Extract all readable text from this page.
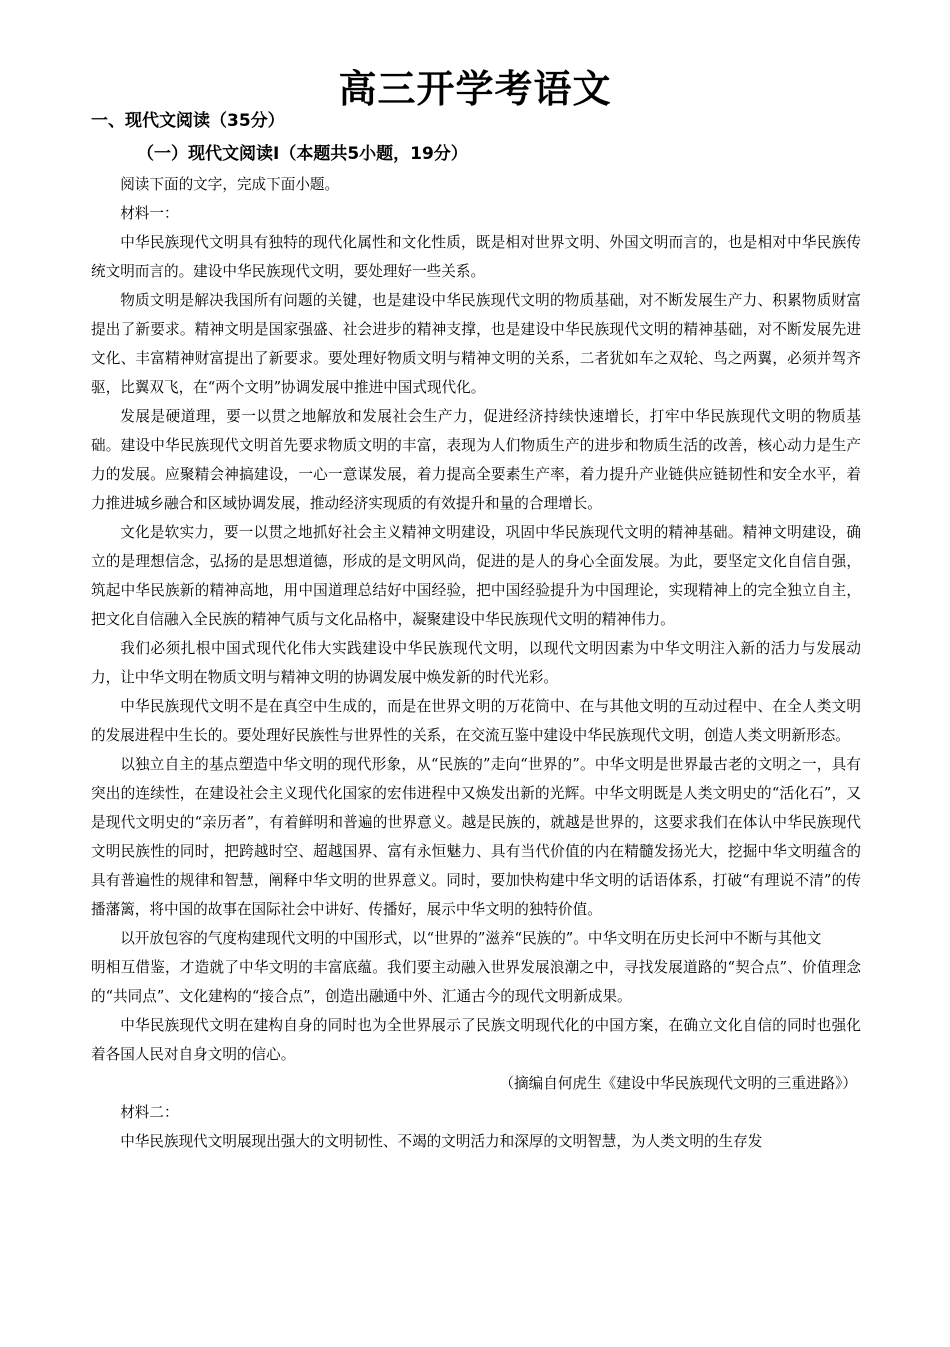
高三开学考语文
一、现代文阅读（35分）
（一）现代文阅读Ⅰ（本题共5小题，19分）

阅读下面的文字，完成下面小题。

材料一：

中华民族现代文明具有独特的现代化属性和文化性质，既是相对世界文明、外国文明而言的，也是相对中华民族传统文明而言的。建设中华民族现代文明，要处理好一些关系。

物质文明是解决我国所有问题的关键，也是建设中华民族现代文明的物质基础，对不断发展生产力、积累物质财富提出了新要求。精神文明是国家强盛、社会进步的精神支撑，也是建设中华民族现代文明的精神基础，对不断发展先进文化、丰富精神财富提出了新要求。要处理好物质文明与精神文明的关系，二者犹如车之双轮、鸟之两翼，必须并驾齐驱，比翼双飞，在“两个文明”协调发展中推进中国式现代化。

发展是硬道理，要一以贯之地解放和发展社会生产力，促进经济持续快速增长，打牢中华民族现代文明的物质基础。建设中华民族现代文明首先要求物质文明的丰富，表现为人们物质生产的进步和物质生活的改善，核心动力是生产力的发展。应聚精会神搞建设，一心一意谋发展，着力提高全要素生产率，着力提升产业链供应链韧性和安全水平，着力推进城乡融合和区域协调发展，推动经济实现质的有效提升和量的合理增长。

文化是软实力，要一以贯之地抓好社会主义精神文明建设，巩固中华民族现代文明的精神基础。精神文明建设，确立的是理想信念，弘扬的是思想道德，形成的是文明风尚，促进的是人的身心全面发展。为此，要坚定文化自信自强，筑起中华民族新的精神高地，用中国道理总结好中国经验，把中国经验提升为中国理论，实现精神上的完全独立自主，把文化自信融入全民族的精神气质与文化品格中，凝聚建设中华民族现代文明的精神伟力。

我们必须扎根中国式现代化伟大实践建设中华民族现代文明，以现代文明因素为中华文明注入新的活力与发展动力，让中华文明在物质文明与精神文明的协调发展中焕发新的时代光彩。

中华民族现代文明不是在真空中生成的，而是在世界文明的万花筒中、在与其他文明的互动过程中、在全人类文明的发展进程中生长的。要处理好民族性与世界性的关系，在交流互鉴中建设中华民族现代文明，创造人类文明新形态。

以独立自主的基点塑造中华文明的现代形象，从“民族的”走向“世界的”。中华文明是世界最古老的文明之一，具有突出的连续性，在建设社会主义现代化国家的宏伟进程中又焕发出新的光辉。中华文明既是人类文明史的“活化石”，又是现代文明史的“亲历者”，有着鲜明和普遍的世界意义。越是民族的，就越是世界的，这要求我们在体认中华民族现代文明民族性的同时，把跨越时空、超越国界、富有永恒魅力、具有当代价值的内在精髓发扬光大，挖掘中华文明蕴含的具有普遍性的规律和智慧，阐释中华文明的世界意义。同时，要加快构建中华文明的话语体系，打破“有理说不清”的传播藩篱，将中国的故事在国际社会中讲好、传播好，展示中华文明的独特价值。

以开放包容的气度构建现代文明的中国形式，以“世界的”滋养“民族的”。中华文明在历史长河中不断与其他文

明相互借鉴，才造就了中华文明的丰富底蕴。我们要主动融入世界发展浪潮之中，寻找发展道路的“契合点”、价值理念的“共同点”、文化建构的“接合点”，创造出融通中外、汇通古今的现代文明新成果。

中华民族现代文明在建构自身的同时也为全世界展示了民族文明现代化的中国方案，在确立文化自信的同时也强化着各国人民对自身文明的信心。

（摘编自何虎生《建设中华民族现代文明的三重进路》）

材料二：

中华民族现代文明展现出强大的文明韧性、不竭的文明活力和深厚的文明智慧，为人类文明的生存发
